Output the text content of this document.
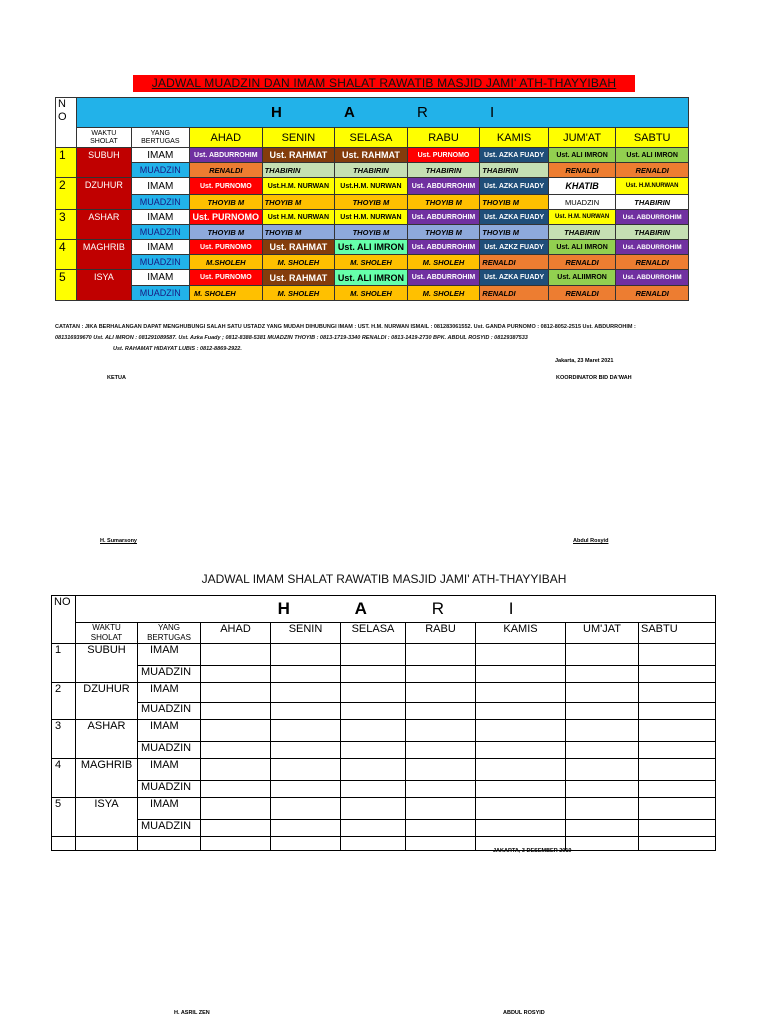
JADWAL MUADZIN DAN IMAM SHALAT RAWATIB MASJID JAMI' ATH-THAYYIBAH
N O	H A R I								
	WAKTU SHOLAT	YANG BERTUGAS	AHAD	SENIN	SELASA	RABU	KAMIS	JUM'AT	SABTU
1	SUBUH	IMAM	Ust. ABDURROHIM	Ust. RAHMAT	Ust. RAHMAT	Ust. PURNOMO	Ust. AZKA FUADY	Ust. ALI IMRON	Ust. ALI IMRON
		MUADZIN	RENALDI	THABIRIN	THABIRIN	THABIRIN	THABIRIN	RENALDI	RENALDI
2	DZUHUR	IMAM	Ust. PURNOMO	Ust.H.M. NURWAN	Ust.H.M. NURWAN	Ust. ABDURROHIM	Ust. AZKA FUADY	KHATIB	Ust. H.M.NURWAN
		MUADZIN	THOYIB M	THOYIB M	THOYIB M	THOYIB M	THOYIB M	MUADZIN	THABIRIN
3	ASHAR	IMAM	Ust. PURNOMO	Ust H.M. NURWAN	Ust H.M. NURWAN	Ust. ABDURROHIM	Ust. AZKA FUADY	Ust. H.M. NURWAN	Ust. ABDURROHIM
		MUADZIN	THOYIB M	THOYIB M	THOYIB M	THOYIB M	THOYIB M	THABIRIN	THABIRIN
4	MAGHRIB	IMAM	Ust. PURNOMO	Ust. RAHMAT	Ust. ALI IMRON	Ust. ABDURROHIM	Ust. AZKZ FUADY	Ust. ALI IMRON	Ust. ABDURROHIM
		MUADZIN	M.SHOLEH	M. SHOLEH	M. SHOLEH	M. SHOLEH	RENALDI	RENALDI	RENALDI
5	ISYA	IMAM	Ust. PURNOMO	Ust. RAHMAT	Ust. ALI IMRON	Ust. ABDURROHIM	Ust. AZKA FUADY	Ust. ALIIMRON	Ust. ABDURROHIM
		MUADZIN	M. SHOLEH	M. SHOLEH	M. SHOLEH	M. SHOLEH	RENALDI	RENALDI	RENALDI
CATATAN : JIKA BERHALANGAN DAPAT MENGHUBUNGI SALAH SATU USTADZ YANG MUDAH DIHUBUNGI IMAM : UST. H.M. NURWAN ISMAIL : 081283061552. Ust. GANDA PURNOMO : 0812-8052-2515 Ust. ABDURROHIM :
081316939670 Ust. ALI IMRON : 081291089587. Ust. Azka Fuady ; 0812-8388-5381 MUADZIN THOYIB : 0813-1719-3340 RENALDI : 0813-1419-2730 BPK. ABDUL ROSYID : 08129387533
Ust. RAHAMAT HIDAYAT LUBIS : 0812-8869-2922.
Jakarta, 23 Maret 2021
KETUA	KOORDINATOR BID DA'WAH
H. Sumarsony	Abdul Rosyid
JADWAL IMAM SHALAT RAWATIB MASJID JAMI' ATH-THAYYIBAH
NO	H A R I								
	WAKTU SHOLAT	YANG BERTUGAS	AHAD	SENIN	SELASA	RABU	KAMIS	UM'JAT	SABTU
1	SUBUH	IMAM							
		MUADZIN							
2	DZUHUR	IMAM							
		MUADZIN							
3	ASHAR	IMAM							
		MUADZIN							
4	MAGHRIB	IMAM							
		MUADZIN							
5	ISYA	IMAM							
		MUADZIN							

JAKARTA, 3 DESEMBER 2019
H. ASRIL ZEN	ABDUL ROSYID
